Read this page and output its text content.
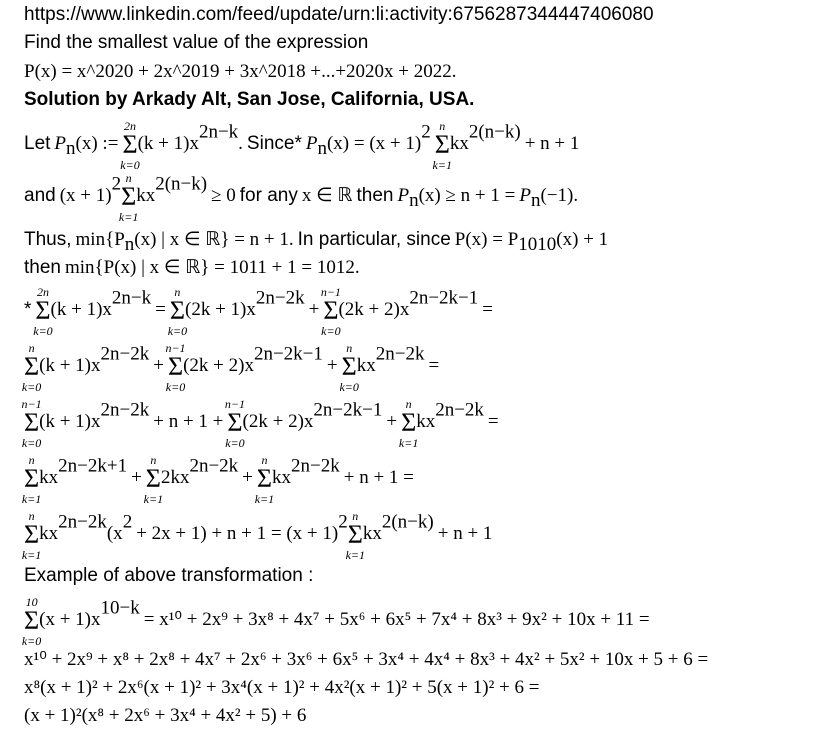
https://www.linkedin.com/feed/update/urn:li:activity:6756287344447406080
Find the smallest value of the expression
P(x) = x^2020 + 2x^2019 + 3x^2018 +...+2020x + 2022.
Solution by Arkady Alt, San Jose, California, USA.
Let $P_n(x)$ := Σ
2n
k=0
$(k + 1)x^{2n-k}$. Since* $P_n(x) = (x + 1)^2$ Σ
n
k=1
$kx^{2(n-k)} + n + 1$
and $(x + 1)^2$ Σ
n
k=1
$kx^{2(n-k)} \ge 0$ for any x ∈ ℝ then $P_n(x) \ge n + 1 = P_n(-1)$.
Thus, $\min\{P_n(x)$ | x ∈ ℝ} = n + 1. In particular, since $P(x) = P_{1010}(x) + 1$
then min{P(x) | x ∈ ℝ} = 1011 + 1 = 1012.
* Σ
2n
k=0
$(k + 1)x^{2n-k} = \Sigma$
n
k=0
$(2k + 1)x^{2n-2k} + \Sigma$
n−1
k=0
$(2k + 2)x^{2n-2k-1}$ =
Σ
n
k=0
$(k + 1)x^{2n-2k} + \Sigma$
n−1
k=0
$(2k + 2)x^{2n-2k-1} + \Sigma$
n
k=0
$kx^{2n-2k}$ =
Σ
n−1
k=0
$(k + 1)x^{2n-2k} + n + 1 + \Sigma$
n−1
k=0
$(2k + 2)x^{2n-2k-1} + \Sigma$
n
k=1
$kx^{2n-2k}$ =
Σ
n
k=1
$kx^{2n-2k+1} + \Sigma$
n
k=1
$2kx^{2n-2k} + \Sigma$
n
k=1
$kx^{2n-2k} + n + 1$ =
Σ
n
k=1
$kx^{2n-2k}(x^2 + 2x + 1) + n + 1 = (x + 1)^2$ Σ
n
k=1
$kx^{2(n-k)} + n + 1$
Example of above transformation :
Σ
10
k=0
$(x + 1)x^{10-k} = x^{10} + 2x^9 + 3x^8 + 4x^7 + 5x^6 + 6x^5 + 7x^4 + 8x^3 + 9x^2 + 10x + 11$ =
x¹⁰ + 2x⁹ + x⁸ + 2x⁸ + 4x⁷ + 2x⁶ + 3x⁶ + 6x⁵ + 3x⁴ + 4x⁴ + 8x³ + 4x² + 5x² + 10x + 5 + 6 =
x⁸(x + 1)² + 2x⁶(x + 1)² + 3x⁴(x + 1)² + 4x²(x + 1)² + 5(x + 1)² + 6 =
(x + 1)²(x⁸ + 2x⁶ + 3x⁴ + 4x² + 5) + 6
